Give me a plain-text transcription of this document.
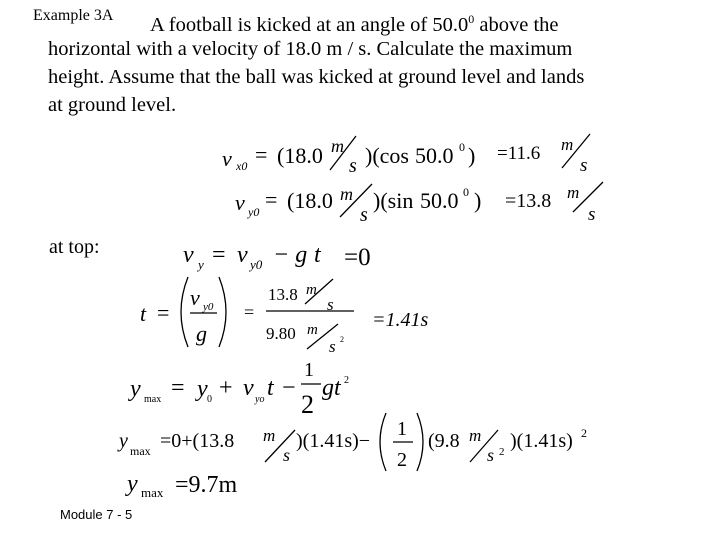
Example 3A A football is kicked at an angle of 50.0$^0$ above the
horizontal with a velocity of 18.0 m / s. Calculate the maximum
height. Assume that the ball was kicked at ground level and lands
at ground level.
at top:
v x0 = (18.0 m
s )(cos 50.0 0 ) =11.6 m
s
v y0 = (18.0 m
s
)(sin 50.0 0 ) =13.8 m
s
v y = v y0 − g t =0
t =
v y0
g
=
13.8 m
s
9.80 m
s 2
=1.41s
y max = y 0 + v yo t −
1
2
gt 2
y max =0+(13.8 m
s
)(1.41s)−
1
2
(9.8 m
s 2 )(1.41s) 2
y max =9.7m
Module 7 - 5
